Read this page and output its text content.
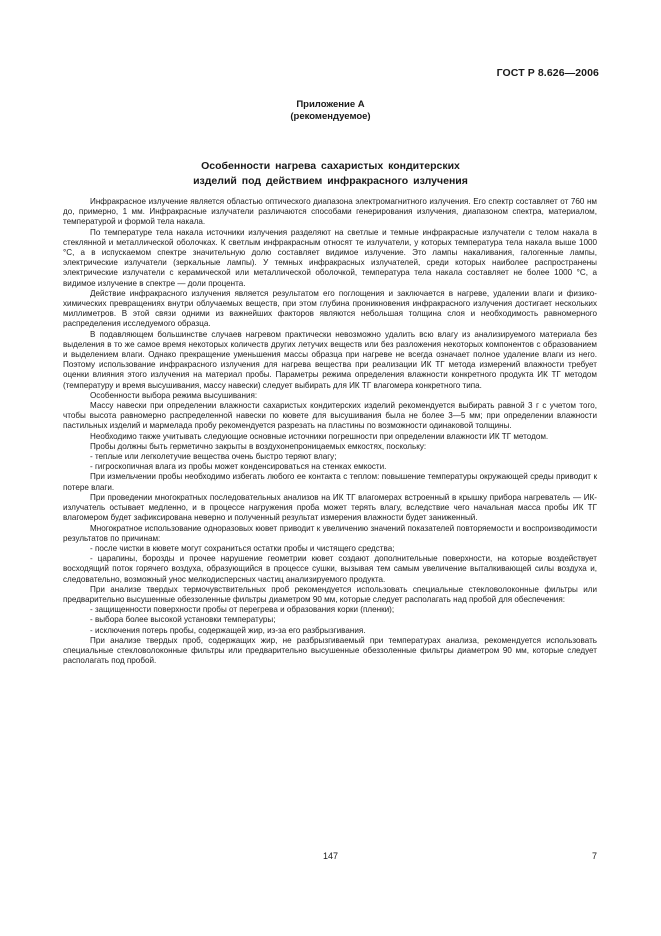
ГОСТ Р 8.626—2006
Приложение А
(рекомендуемое)
Особенности нагрева сахаристых кондитерских
изделий под действием инфракрасного излучения

Инфракрасное излучение является областью оптического диапазона электромагнитного излучения. Его спектр составляет от 760 нм до, примерно, 1 мм. Инфракрасные излучатели различаются способами генерирования излучения, диапазоном спектра, материалом, температурой и формой тела накала.

По температуре тела накала источники излучения разделяют на светлые и темные инфракрасные излучатели с телом накала в стеклянной и металлической оболочках. К светлым инфракрасным относят те излучатели, у которых температура тела накала выше 1000 °С, а в испускаемом спектре значительную долю составляет видимое излучение. Это лампы накаливания, галогенные лампы, электрические излучатели (зеркальные лампы). У темных инфракрасных излучателей, среди которых наиболее распространены электрические излучатели с керамической или металлической оболочкой, температура тела накала составляет не более 1000 °С, а видимое излучение в спектре — доли процента.

Действие инфракрасного излучения является результатом его поглощения и заключается в нагреве, удалении влаги и физико-химических превращениях внутри облучаемых веществ, при этом глубина проникновения инфракрасного излучения достигает нескольких миллиметров. В этой связи одними из важнейших факторов являются небольшая толщина слоя и необходимость равномерного распределения исследуемого образца.

В подавляющем большинстве случаев нагревом практически невозможно удалить всю влагу из анализируемого материала без выделения в то же самое время некоторых количеств других летучих веществ или без разложения некоторых компонентов с образованием и выделением влаги. Однако прекращение уменьшения массы образца при нагреве не всегда означает полное удаление влаги из него. Поэтому использование инфракрасного излучения для нагрева вещества при реализации ИК ТГ метода измерений влажности требует оценки влияния этого излучения на материал пробы. Параметры режима определения влажности конкретного продукта ИК ТГ методом (температуру и время высушивания, массу навески) следует выбирать для ИК ТГ влагомера конкретного типа.

Особенности выбора режима высушивания:

Массу навески при определении влажности сахаристых кондитерских изделий рекомендуется выбирать равной 3 г с учетом того, чтобы высота равномерно распределенной навески по кювете для высушивания была не более 3—5 мм; при определении влажности пастильных изделий и мармелада пробу рекомендуется разрезать на пластины по возможности одинаковой толщины.

Необходимо также учитывать следующие основные источники погрешности при определении влажности ИК ТГ методом.

Пробы должны быть герметично закрыты в воздухонепроницаемых емкостях, поскольку:

- теплые или легколетучие вещества очень быстро теряют влагу;

- гигроскопичная влага из пробы может конденсироваться на стенках емкости.

При измельчении пробы необходимо избегать любого ее контакта с теплом: повышение температуры окружающей среды приводит к потере влаги.

При проведении многократных последовательных анализов на ИК ТГ влагомерах встроенный в крышку прибора нагреватель — ИК-излучатель остывает медленно, и в процессе нагружения проба может терять влагу, вследствие чего начальная масса пробы ИК ТГ влагомером будет зафиксирована неверно и полученный результат измерения влажности будет заниженный.

Многократное использование одноразовых кювет приводит к увеличению значений показателей повторяемости и воспроизводимости результатов по причинам:

- после чистки в кювете могут сохраниться остатки пробы и чистящего средства;

- царапины, борозды и прочее нарушение геометрии кювет создают дополнительные поверхности, на которые воздействует восходящий поток горячего воздуха, образующийся в процессе сушки, вызывая тем самым увеличение выталкивающей силы воздуха и, следовательно, возможный унос мелкодисперсных частиц анализируемого продукта.

При анализе твердых термочувствительных проб рекомендуется использовать специальные стекловолоконные фильтры или предварительно высушенные обеззоленные фильтры диаметром 90 мм, которые следует располагать над пробой для обеспечения:

- защищенности поверхности пробы от перегрева и образования корки (пленки);

- выбора более высокой установки температуры;

- исключения потерь пробы, содержащей жир, из-за его разбрызгивания.

При анализе твердых проб, содержащих жир, не разбрызгиваемый при температурах анализа, рекомендуется использовать специальные стекловолоконные фильтры или предварительно высушенные обеззоленные фильтры диаметром 90 мм, которые следует располагать под пробой.

147	7
